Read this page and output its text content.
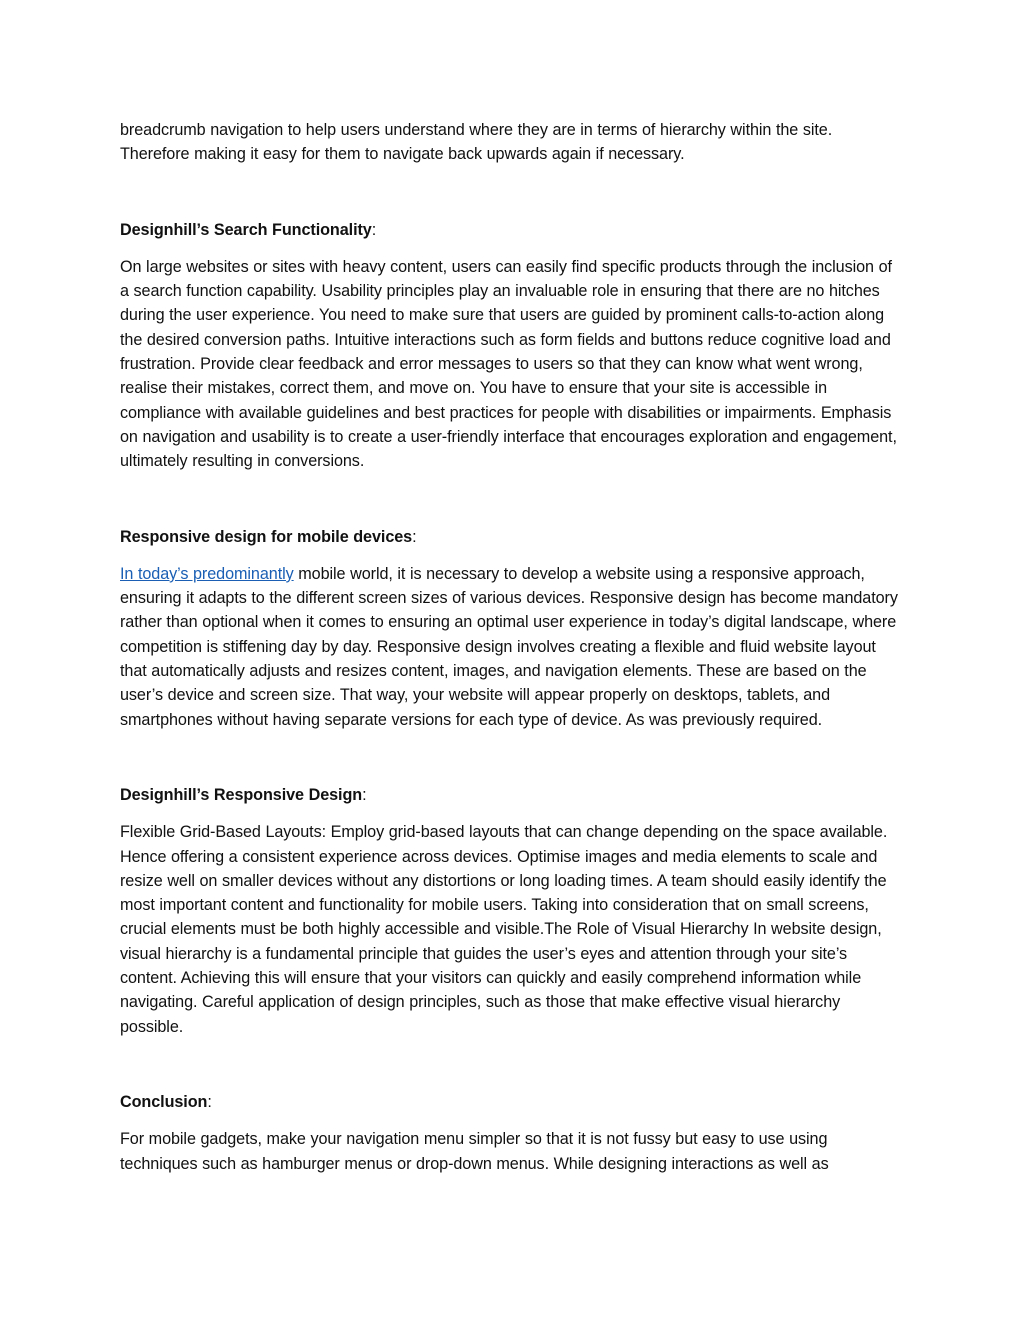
breadcrumb navigation to help users understand where they are in terms of hierarchy within the site. Therefore making it easy for them to navigate back upwards again if necessary.

Designhill’s Search Functionality:

On large websites or sites with heavy content, users can easily find specific products through the inclusion of a search function capability. Usability principles play an invaluable role in ensuring that there are no hitches during the user experience. You need to make sure that users are guided by prominent calls-to-action along the desired conversion paths. Intuitive interactions such as form fields and buttons reduce cognitive load and frustration. Provide clear feedback and error messages to users so that they can know what went wrong, realise their mistakes, correct them, and move on. You have to ensure that your site is accessible in compliance with available guidelines and best practices for people with disabilities or impairments. Emphasis on navigation and usability is to create a user-friendly interface that encourages exploration and engagement, ultimately resulting in conversions.

Responsive design for mobile devices:

In today’s predominantly mobile world, it is necessary to develop a website using a responsive approach, ensuring it adapts to the different screen sizes of various devices. Responsive design has become mandatory rather than optional when it comes to ensuring an optimal user experience in today’s digital landscape, where competition is stiffening day by day. Responsive design involves creating a flexible and fluid website layout that automatically adjusts and resizes content, images, and navigation elements. These are based on the user’s device and screen size. That way, your website will appear properly on desktops, tablets, and smartphones without having separate versions for each type of device. As was previously required.

Designhill’s Responsive Design:

Flexible Grid-Based Layouts: Employ grid-based layouts that can change depending on the space available. Hence offering a consistent experience across devices. Optimise images and media elements to scale and resize well on smaller devices without any distortions or long loading times. A team should easily identify the most important content and functionality for mobile users. Taking into consideration that on small screens, crucial elements must be both highly accessible and visible.The Role of Visual Hierarchy In website design, visual hierarchy is a fundamental principle that guides the user’s eyes and attention through your site’s content. Achieving this will ensure that your visitors can quickly and easily comprehend information while navigating. Careful application of design principles, such as those that make effective visual hierarchy possible.

Conclusion:

For mobile gadgets, make your navigation menu simpler so that it is not fussy but easy to use using techniques such as hamburger menus or drop-down menus. While designing interactions as well as
